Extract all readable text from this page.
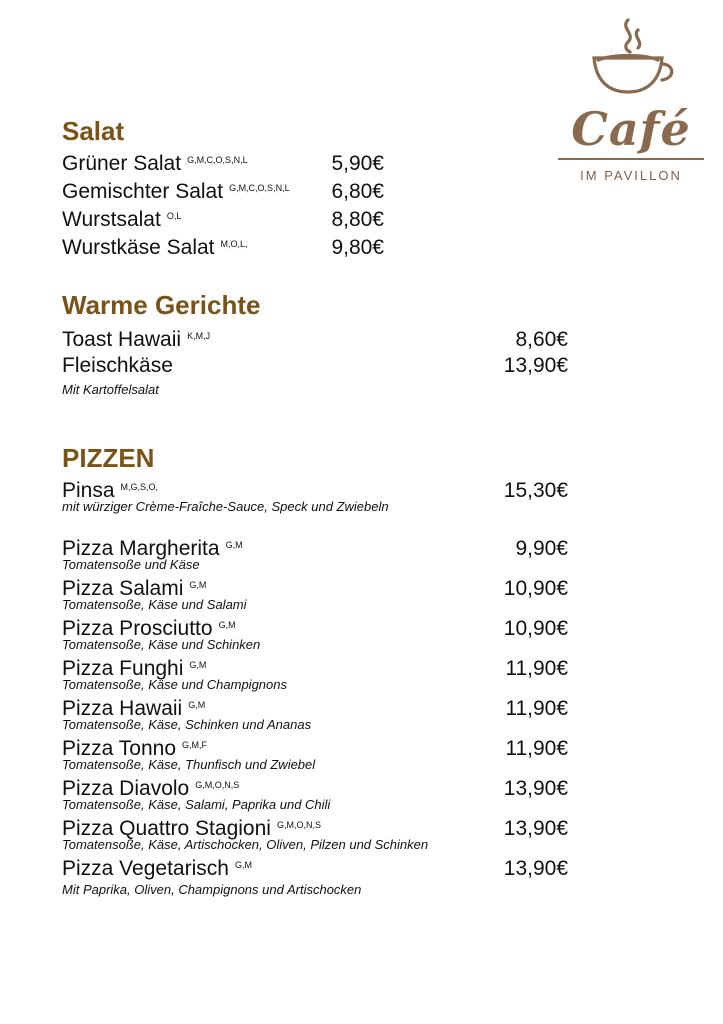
Café
IM PAVILLON
Salat
Grüner Salat $^{G,M,C,O,S,N,L}$	5,90€
Gemischter Salat $^{G,M,C,O,S,N,L}$	6,80€
Wurstsalat $^{O,L}$	8,80€
Wurstkäse Salat $^{M,O,L,}$	9,80€
Warme Gerichte
Toast Hawaii $^{K,M,J}$	8,60€
Fleischkäse	13,90€
Mit Kartoffelsalat
PIZZEN
Pinsa $^{M,G,S,O,}$	15,30€
mit würziger Crème-Fraîche-Sauce, Speck und Zwiebeln
Pizza Margherita $^{G,M}$	9,90€
Tomatensoße und Käse
Pizza Salami $^{G,M}$	10,90€
Tomatensoße, Käse und Salami
Pizza Prosciutto $^{G,M}$	10,90€
Tomatensoße, Käse und Schinken
Pizza Funghi $^{G,M}$	11,90€
Tomatensoße, Käse und Champignons
Pizza Hawaii $^{G,M}$	11,90€
Tomatensoße, Käse, Schinken und Ananas
Pizza Tonno $^{G,M,F}$	11,90€
Tomatensoße, Käse, Thunfisch und Zwiebel
Pizza Diavolo $^{G,M,O,N,S}$	13,90€
Tomatensoße, Käse, Salami, Paprika und Chili
Pizza Quattro Stagioni $^{G,M,O,N,S}$	13,90€
Tomatensoße, Käse, Artischocken, Oliven, Pilzen und Schinken
Pizza Vegetarisch $^{G,M}$	13,90€
Mit Paprika, Oliven, Champignons und Artischocken
